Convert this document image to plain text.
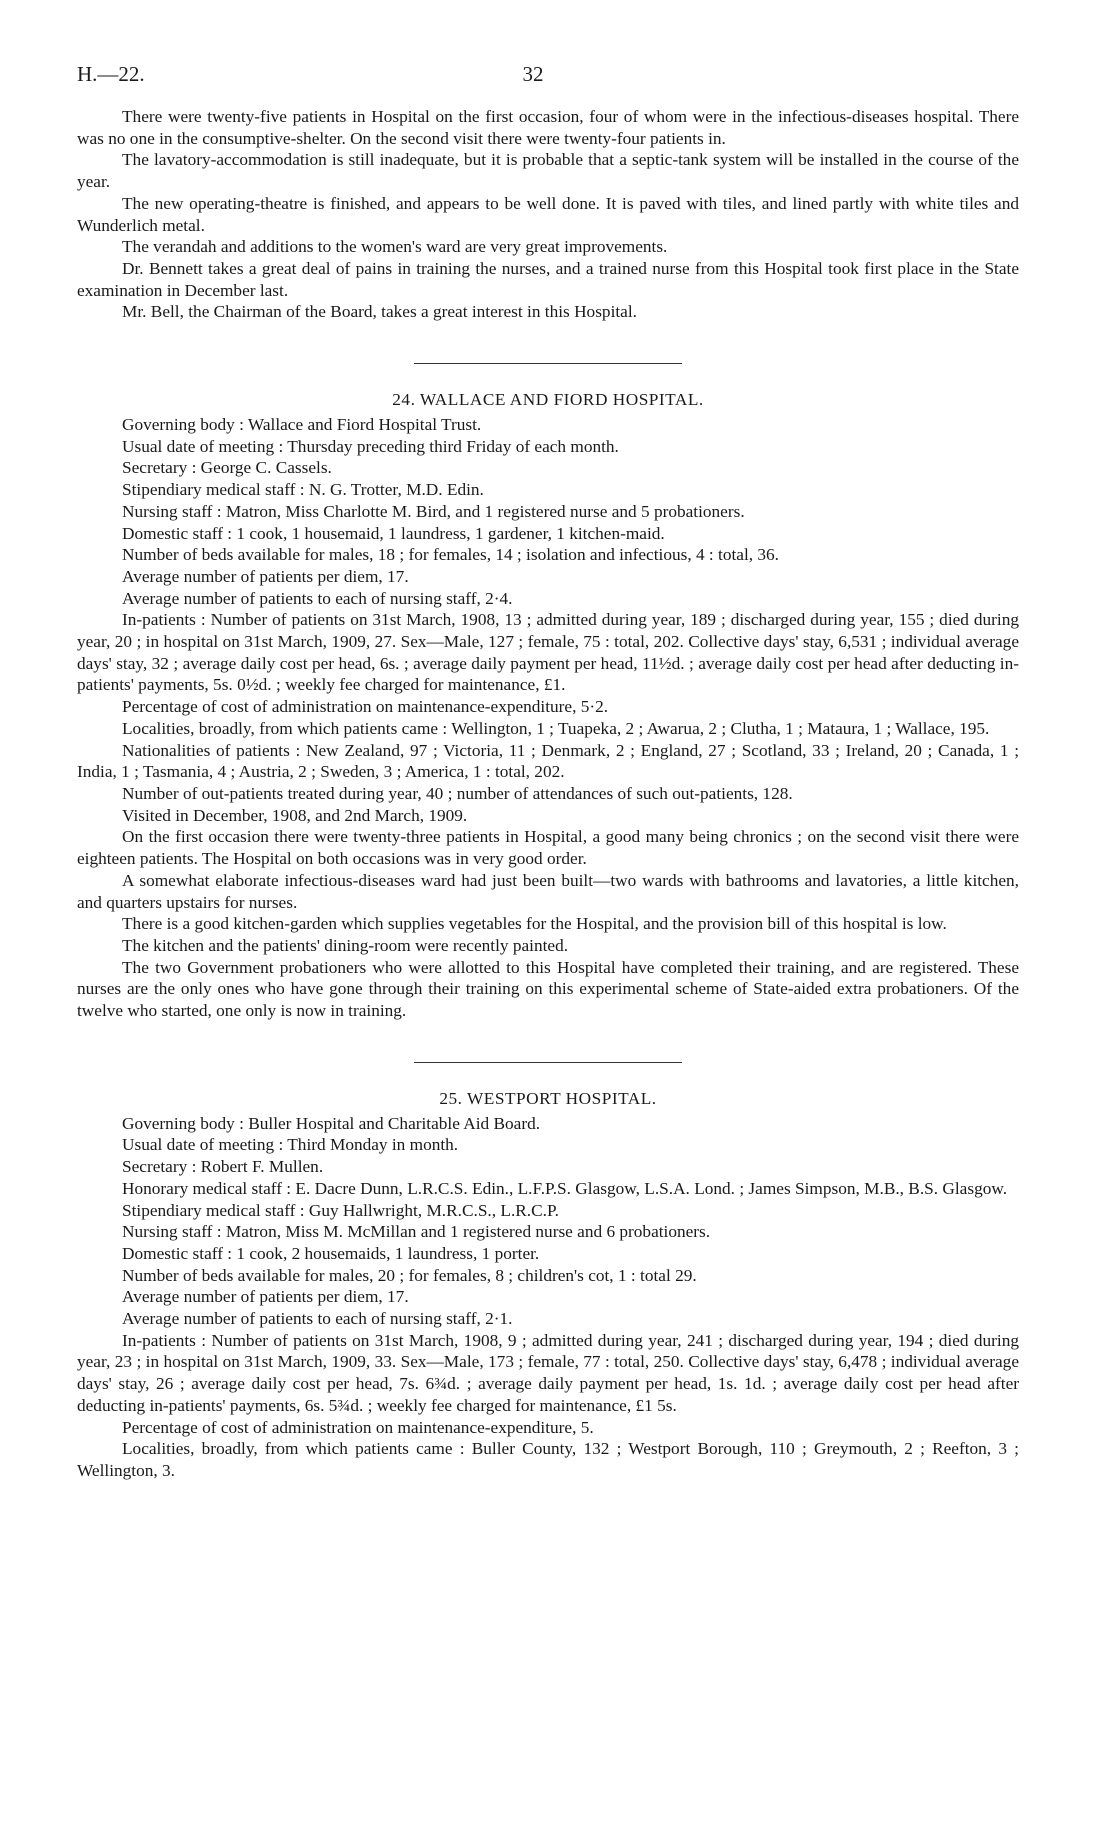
H.—22.	32

There were twenty-five patients in Hospital on the first occasion, four of whom were in the infectious-diseases hospital. There was no one in the consumptive-shelter. On the second visit there were twenty-four patients in.

The lavatory-accommodation is still inadequate, but it is probable that a septic-tank system will be installed in the course of the year.

The new operating-theatre is finished, and appears to be well done. It is paved with tiles, and lined partly with white tiles and Wunderlich metal.

The verandah and additions to the women's ward are very great improvements.

Dr. Bennett takes a great deal of pains in training the nurses, and a trained nurse from this Hospital took first place in the State examination in December last.

Mr. Bell, the Chairman of the Board, takes a great interest in this Hospital.

24. WALLACE AND FIORD HOSPITAL.

Governing body : Wallace and Fiord Hospital Trust.

Usual date of meeting : Thursday preceding third Friday of each month.

Secretary : George C. Cassels.

Stipendiary medical staff : N. G. Trotter, M.D. Edin.

Nursing staff : Matron, Miss Charlotte M. Bird, and 1 registered nurse and 5 probationers.

Domestic staff : 1 cook, 1 housemaid, 1 laundress, 1 gardener, 1 kitchen-maid.

Number of beds available for males, 18 ; for females, 14 ; isolation and infectious, 4 : total, 36.

Average number of patients per diem, 17.

Average number of patients to each of nursing staff, 2·4.

In-patients : Number of patients on 31st March, 1908, 13 ; admitted during year, 189 ; discharged during year, 155 ; died during year, 20 ; in hospital on 31st March, 1909, 27. Sex—Male, 127 ; female, 75 : total, 202. Collective days' stay, 6,531 ; individual average days' stay, 32 ; average daily cost per head, 6s. ; average daily payment per head, 11½d. ; average daily cost per head after deducting in-patients' payments, 5s. 0½d. ; weekly fee charged for maintenance, £1.

Percentage of cost of administration on maintenance-expenditure, 5·2.

Localities, broadly, from which patients came : Wellington, 1 ; Tuapeka, 2 ; Awarua, 2 ; Clutha, 1 ; Mataura, 1 ; Wallace, 195.

Nationalities of patients : New Zealand, 97 ; Victoria, 11 ; Denmark, 2 ; England, 27 ; Scotland, 33 ; Ireland, 20 ; Canada, 1 ; India, 1 ; Tasmania, 4 ; Austria, 2 ; Sweden, 3 ; America, 1 : total, 202.

Number of out-patients treated during year, 40 ; number of attendances of such out-patients, 128.

Visited in December, 1908, and 2nd March, 1909.

On the first occasion there were twenty-three patients in Hospital, a good many being chronics ; on the second visit there were eighteen patients. The Hospital on both occasions was in very good order.

A somewhat elaborate infectious-diseases ward had just been built—two wards with bathrooms and lavatories, a little kitchen, and quarters upstairs for nurses.

There is a good kitchen-garden which supplies vegetables for the Hospital, and the provision bill of this hospital is low.

The kitchen and the patients' dining-room were recently painted.

The two Government probationers who were allotted to this Hospital have completed their training, and are registered. These nurses are the only ones who have gone through their training on this experimental scheme of State-aided extra probationers. Of the twelve who started, one only is now in training.

25. WESTPORT HOSPITAL.

Governing body : Buller Hospital and Charitable Aid Board.

Usual date of meeting : Third Monday in month.

Secretary : Robert F. Mullen.

Honorary medical staff : E. Dacre Dunn, L.R.C.S. Edin., L.F.P.S. Glasgow, L.S.A. Lond. ; James Simpson, M.B., B.S. Glasgow.

Stipendiary medical staff : Guy Hallwright, M.R.C.S., L.R.C.P.

Nursing staff : Matron, Miss M. McMillan and 1 registered nurse and 6 probationers.

Domestic staff : 1 cook, 2 housemaids, 1 laundress, 1 porter.

Number of beds available for males, 20 ; for females, 8 ; children's cot, 1 : total 29.

Average number of patients per diem, 17.

Average number of patients to each of nursing staff, 2·1.

In-patients : Number of patients on 31st March, 1908, 9 ; admitted during year, 241 ; discharged during year, 194 ; died during year, 23 ; in hospital on 31st March, 1909, 33. Sex—Male, 173 ; female, 77 : total, 250. Collective days' stay, 6,478 ; individual average days' stay, 26 ; average daily cost per head, 7s. 6¾d. ; average daily payment per head, 1s. 1d. ; average daily cost per head after deducting in-patients' payments, 6s. 5¾d. ; weekly fee charged for maintenance, £1 5s.

Percentage of cost of administration on maintenance-expenditure, 5.

Localities, broadly, from which patients came : Buller County, 132 ; Westport Borough, 110 ; Greymouth, 2 ; Reefton, 3 ; Wellington, 3.
